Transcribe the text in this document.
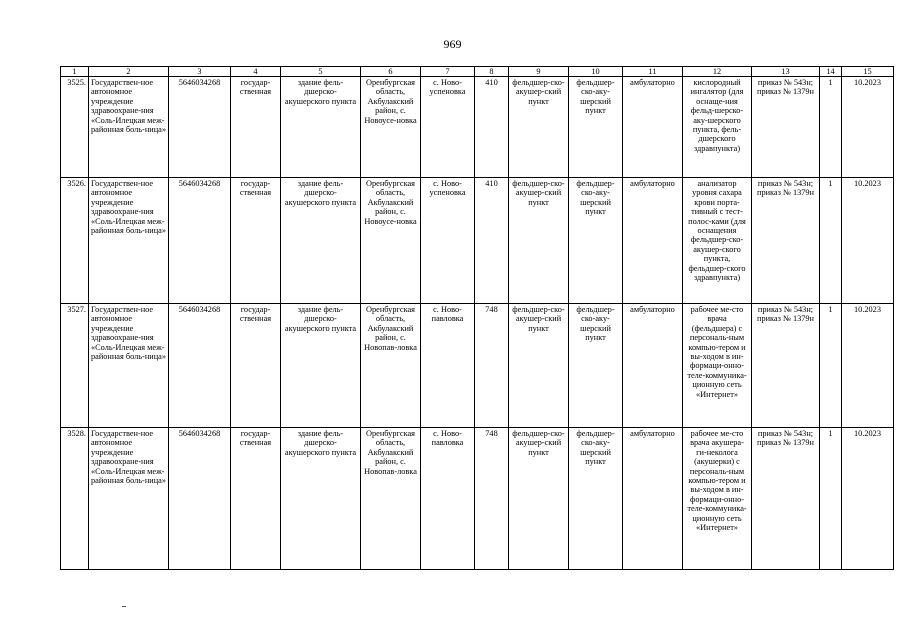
969
1	2	3	4	5	6	7	8	9	10	11	12	13	14	15
3525.	Государствен-ное автономное учреждение здравоохране-ния «Соль-Илецкая меж-районная боль-ница»	5646034268	государ-ственная	здание фель-дшерско-акушерского пункта	Оренбургская область, Акбулакский район, с. Новоусе-новка	с. Ново-успеновка	410	фельдшер-ско-акушер-ский пункт	фельдшер-ско-аку-шерский пункт	амбулаторно	кислородный ингалятор (для оснаще-ния фельд-шерско-аку-шерского пункта, фель-дшерского здравпункта)	приказ № 543н; приказ № 1379н	1	10.2023
3526.	Государствен-ное автономное учреждение здравоохране-ния «Соль-Илецкая меж-районная боль-ница»	5646034268	государ-ственная	здание фель-дшерско-акушерского пункта	Оренбургская область, Акбулакский район, с. Новоусе-новка	с. Ново-успеновка	410	фельдшер-ско-акушер-ский пункт	фельдшер-ско-аку-шерский пункт	амбулаторно	анализатор уровня сахара крови порта-тивный с тест-полос-ками (для оснащения фельдшер-ско-акушер-ского пункта, фельдшер-ского здравпункта)	приказ № 543н; приказ № 1379н	1	10.2023
3527.	Государствен-ное автономное учреждение здравоохране-ния «Соль-Илецкая меж-районная боль-ница»	5646034268	государ-ственная	здание фель-дшерско-акушерского пункта	Оренбургская область, Акбулакский район, с. Новопав-ловка	с. Ново-павловка	748	фельдшер-ско-акушер-ский пункт	фельдшер-ско-аку-шерский пункт	амбулаторно	рабочее ме-сто врача (фельдшера) с персональ-ным компью-тером и вы-ходом в ин-формаци-онно-теле-коммуника-ционную сеть «Интернет»	приказ № 543н; приказ № 1379н	1	10.2023
3528.	Государствен-ное автономное учреждение здравоохране-ния «Соль-Илецкая меж-районная боль-ница»	5646034268	государ-ственная	здание фель-дшерско-акушерского пункта	Оренбургская область, Акбулакский район, с. Новопав-ловка	с. Ново-павловка	748	фельдшер-ско-акушер-ский пункт	фельдшер-ско-аку-шерский пункт	амбулаторно	рабочее ме-сто врача акушера-ги-неколога (акушерки) с персональ-ным компью-тером и вы-ходом в ин-формаци-онно-теле-коммуника-ционную сеть «Интернет»	приказ № 543н; приказ № 1379н	1	10.2023
